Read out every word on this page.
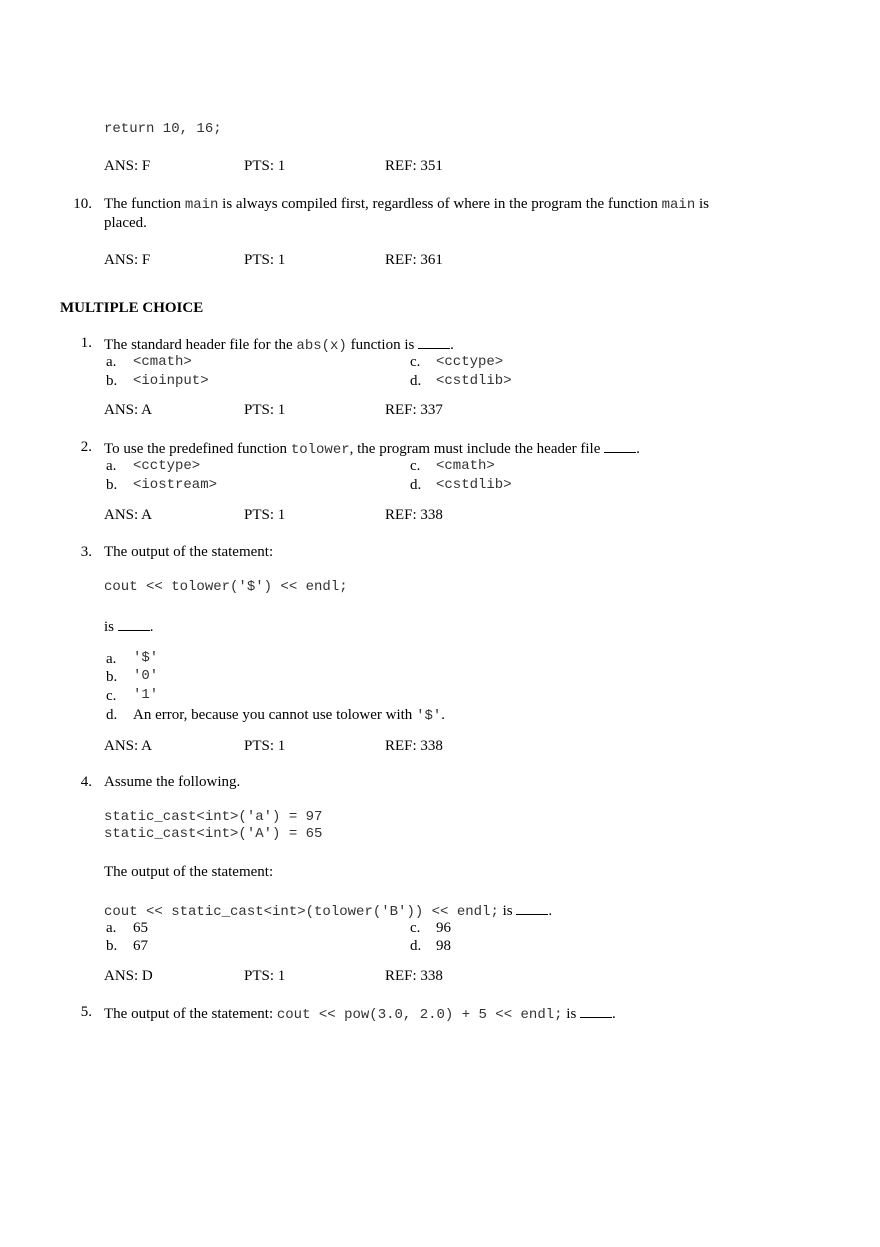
return 10, 16;
ANS: F	PTS: 1	REF: 351
10. The function main is always compiled first, regardless of where in the program the function main is
placed.
ANS: F	PTS: 1	REF: 361
MULTIPLE CHOICE
1. The standard header file for the abs(x) function is .
a.	<cmath>
b.	<ioinput>
c.	<cctype>
d.	<cstdlib>
ANS: A	PTS: 1	REF: 337
2. To use the predefined function tolower, the program must include the header file .
a.	<cctype>
b.	<iostream>
c.	<cmath>
d.	<cstdlib>
ANS: A	PTS: 1	REF: 338
3. The output of the statement:
cout << tolower('$') << endl;
is .
a.	'$'
b.	'0'
c.	'1'
d.	An error, because you cannot use tolower with '$'.
ANS: A	PTS: 1	REF: 338
4. Assume the following.
static_cast<int>('a') = 97
static_cast<int>('A') = 65
The output of the statement:
cout << static_cast<int>(tolower('B')) << endl; is .
a.	65
b.	67
c.	96
d. 98
ANS: D	PTS: 1	REF: 338
5. The output of the statement: cout << pow(3.0, 2.0) + 5 << endl; is .
